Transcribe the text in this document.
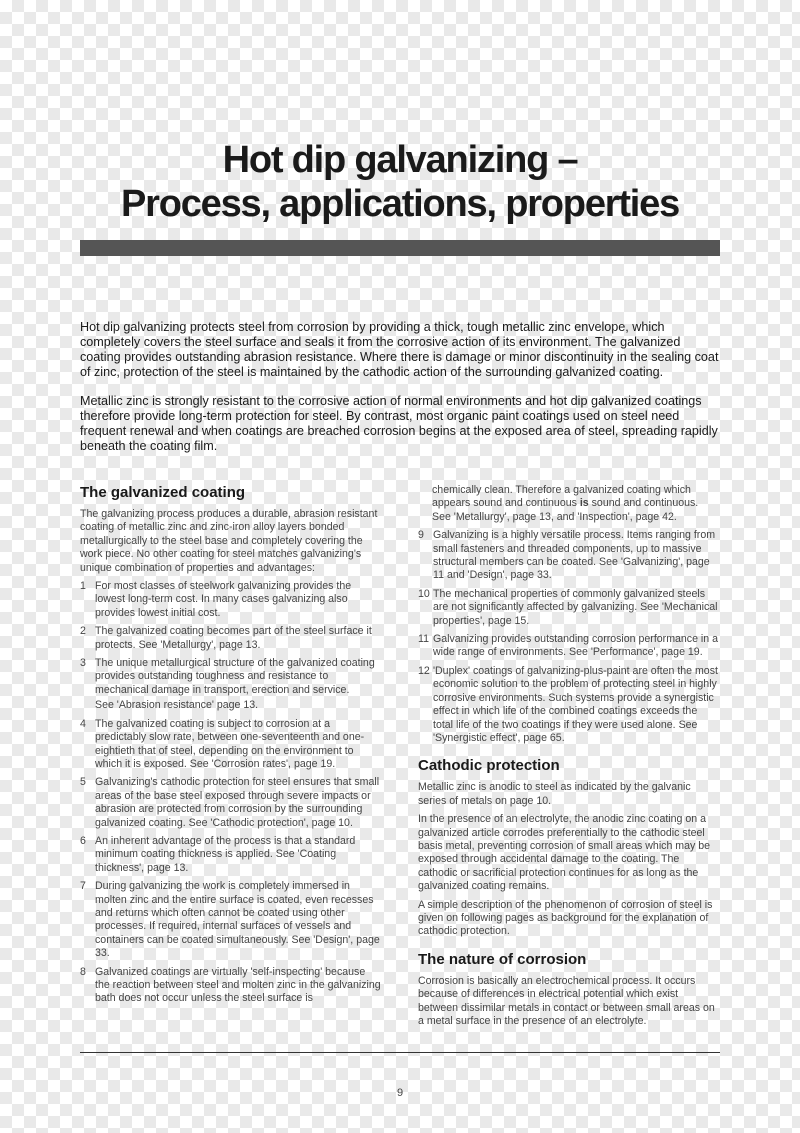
Hot dip galvanizing –
Process, applications, properties

Hot dip galvanizing protects steel from corrosion by providing a thick, tough metallic zinc envelope, which completely covers the steel surface and seals it from the corrosive action of its environment. The galvanized coating provides outstanding abrasion resistance. Where there is damage or minor discontinuity in the sealing coat of zinc, protection of the steel is maintained by the cathodic action of the surrounding galvanized coating.

Metallic zinc is strongly resistant to the corrosive action of normal environments and hot dip galvanized coatings therefore provide long-term protection for steel. By contrast, most organic paint coatings used on steel need frequent renewal and when coatings are breached corrosion begins at the exposed area of steel, spreading rapidly beneath the coating film.

The galvanized coating

The galvanizing process produces a durable, abrasion resistant coating of metallic zinc and zinc-iron alloy layers bonded metallurgically to the steel base and completely covering the work piece. No other coating for steel matches galvanizing's unique combination of properties and advantages:

1 For most classes of steelwork galvanizing provides the lowest long-term cost. In many cases galvanizing also provides lowest initial cost.
2 The galvanized coating becomes part of the steel surface it protects. See 'Metallurgy', page 13.
3 The unique metallurgical structure of the galvanized coating provides outstanding toughness and resistance to mechanical damage in transport, erection and service.
See 'Abrasion resistance' page 13.
4 The galvanized coating is subject to corrosion at a predictably slow rate, between one-seventeenth and one-eightieth that of steel, depending on the environment to which it is exposed. See 'Corrosion rates', page 19.
5 Galvanizing's cathodic protection for steel ensures that small areas of the base steel exposed through severe impacts or abrasion are protected from corrosion by the surrounding galvanized coating. See 'Cathodic protection', page 10.
6 An inherent advantage of the process is that a standard minimum coating thickness is applied. See 'Coating thickness', page 13.
7 During galvanizing the work is completely immersed in molten zinc and the entire surface is coated, even recesses and returns which often cannot be coated using other processes. If required, internal surfaces of vessels and containers can be coated simultaneously. See 'Design', page 33.
8 Galvanized coatings are virtually 'self-inspecting' because the reaction between steel and molten zinc in the galvanizing bath does not occur unless the steel surface is

chemically clean. Therefore a galvanized coating which appears sound and continuous is sound and continuous. See 'Metallurgy', page 13, and 'Inspection', page 42.

9 Galvanizing is a highly versatile process. Items ranging from small fasteners and threaded components, up to massive structural members can be coated. See 'Galvanizing', page 11 and 'Design', page 33.
10 The mechanical properties of commonly galvanized steels are not significantly affected by galvanizing. See 'Mechanical properties', page 15.
11 Galvanizing provides outstanding corrosion performance in a wide range of environments. See 'Performance', page 19.
12 'Duplex' coatings of galvanizing-plus-paint are often the most economic solution to the problem of protecting steel in highly corrosive environments. Such systems provide a synergistic effect in which life of the combined coatings exceeds the total life of the two coatings if they were used alone. See 'Synergistic effect', page 65.
Cathodic protection

Metallic zinc is anodic to steel as indicated by the galvanic series of metals on page 10.

In the presence of an electrolyte, the anodic zinc coating on a galvanized article corrodes preferentially to the cathodic steel basis metal, preventing corrosion of small areas which may be exposed through accidental damage to the coating. The cathodic or sacrificial protection continues for as long as the galvanized coating remains.

A simple description of the phenomenon of corrosion of steel is given on following pages as background for the explanation of cathodic protection.

The nature of corrosion

Corrosion is basically an electrochemical process. It occurs because of differences in electrical potential which exist between dissimilar metals in contact or between small areas on a metal surface in the presence of an electrolyte.

9
